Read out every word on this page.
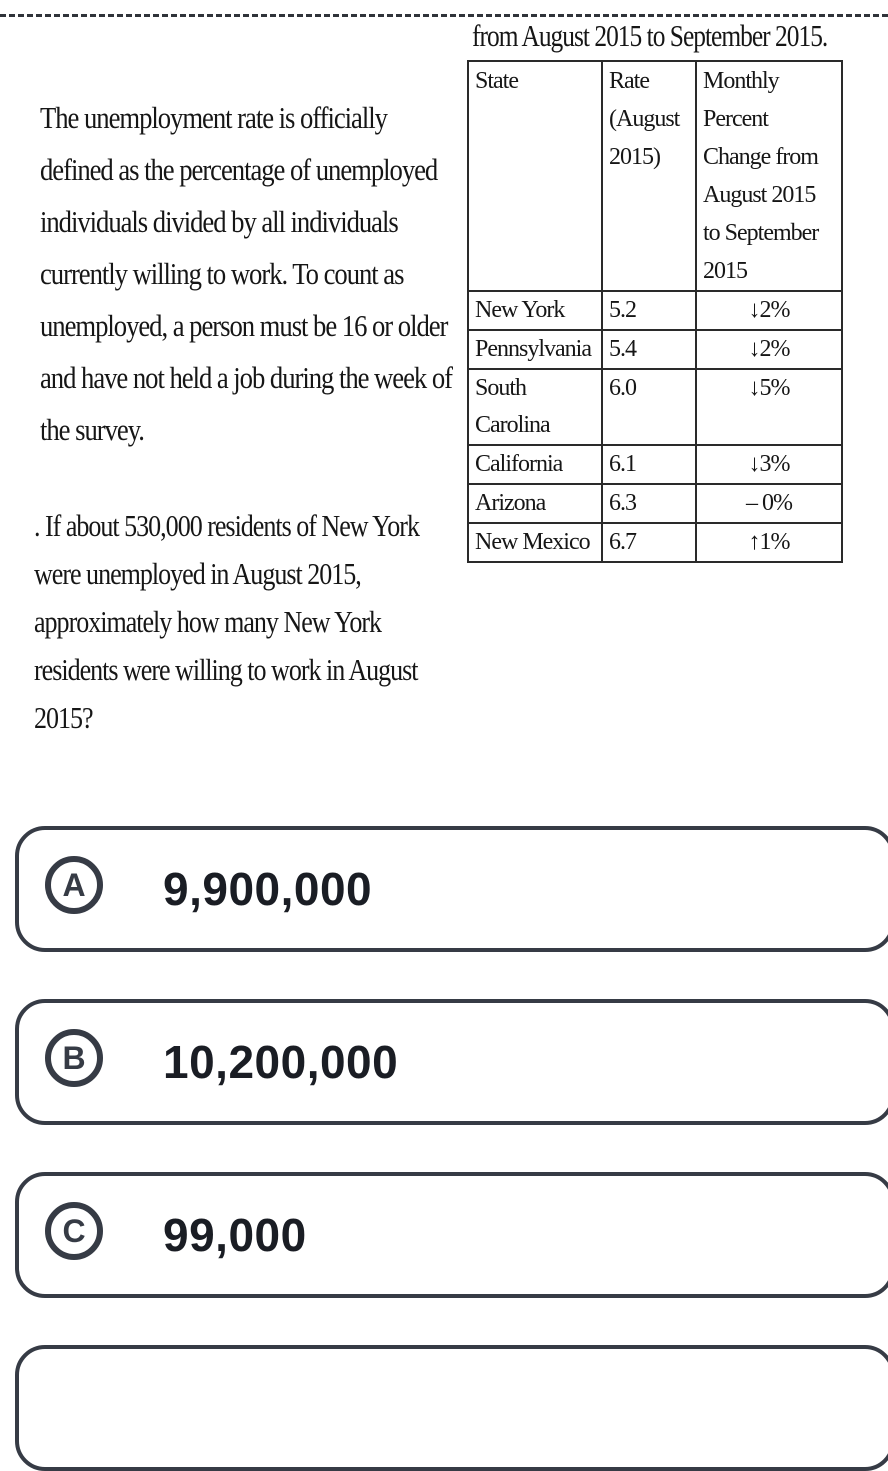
The unemployment rate is officially defined as the percentage of unemployed individuals divided by all individuals currently willing to work. To count as unemployed, a person must be 16 or older and have not held a job during the week of the survey.
from August 2015 to September 2015.
State	Rate (August 2015)	Monthly Percent Change from August 2015 to September 2015
New York	5.2	↓2%
Pennsylvania	5.4	↓2%
South Carolina	6.0	↓5%
California	6.1	↓3%
Arizona	6.3	– 0%
New Mexico	6.7	↑1%
. If about 530,000 residents of New York were unemployed in August 2015, approximately how many New York residents were willing to work in August 2015?
A	9,900,000
B	10,200,000
C	99,000
